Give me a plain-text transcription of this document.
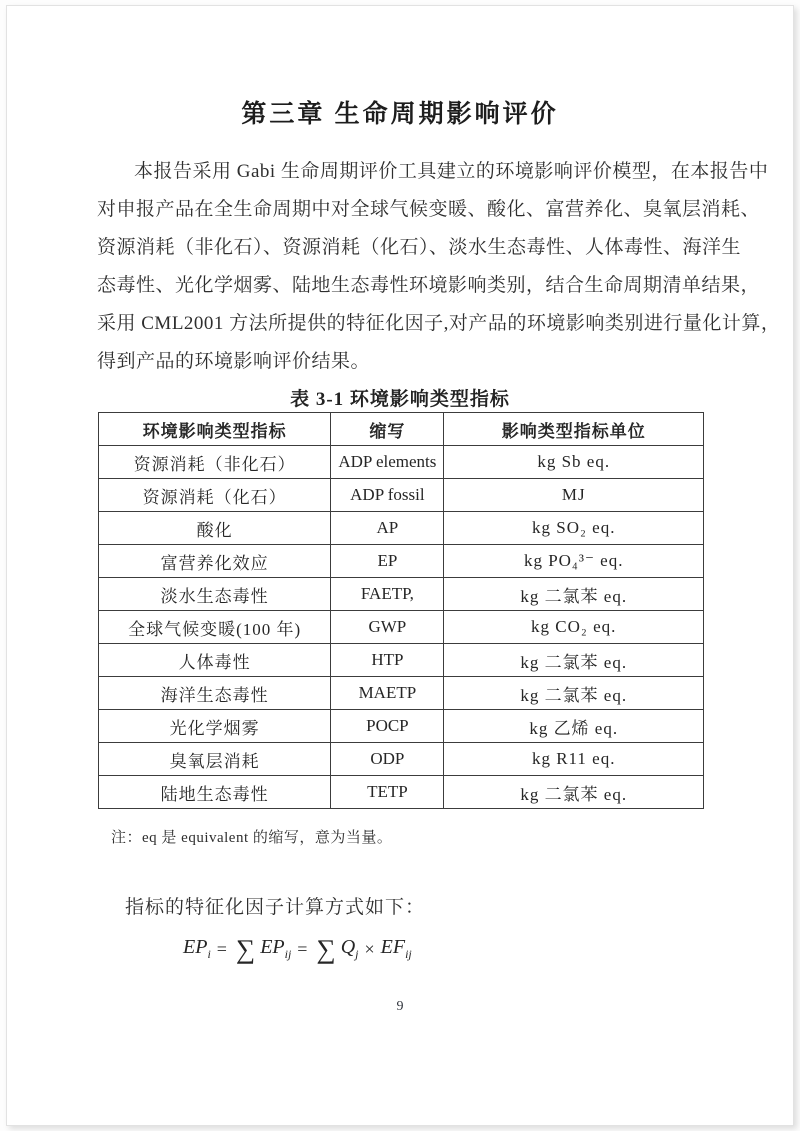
第三章 生命周期影响评价
本报告采用 Gabi 生命周期评价工具建立的环境影响评价模型，在本报告中
对申报产品在全生命周期中对全球气候变暖、酸化、富营养化、臭氧层消耗、
资源消耗（非化石）、资源消耗（化石）、淡水生态毒性、人体毒性、海洋生
态毒性、光化学烟雾、陆地生态毒性环境影响类别，结合生命周期清单结果，
采用 CML2001 方法所提供的特征化因子,对产品的环境影响类别进行量化计算，
得到产品的环境影响评价结果。
表 3-1 环境影响类型指标
环境影响类型指标	缩写	影响类型指标单位
资源消耗（非化石）	ADP elements	kg Sb eq.
资源消耗（化石）	ADP fossil	MJ
酸化	AP	kg SO₂ eq.
富营养化效应	EP	kg PO₄³⁻ eq.
淡水生态毒性	FAETP,	kg 二氯苯 eq.
全球气候变暖(100 年)	GWP	kg CO₂ eq.
人体毒性	HTP	kg 二氯苯 eq.
海洋生态毒性	MAETP	kg 二氯苯 eq.
光化学烟雾	POCP	kg 乙烯 eq.
臭氧层消耗	ODP	kg R11 eq.
陆地生态毒性	TETP	kg 二氯苯 eq.
注：eq 是 equivalent 的缩写，意为当量。
指标的特征化因子计算方式如下：
$EP_i$ = ∑ $EP_{ij}$ = ∑ $Q_j \times EF_{ij}$
9
